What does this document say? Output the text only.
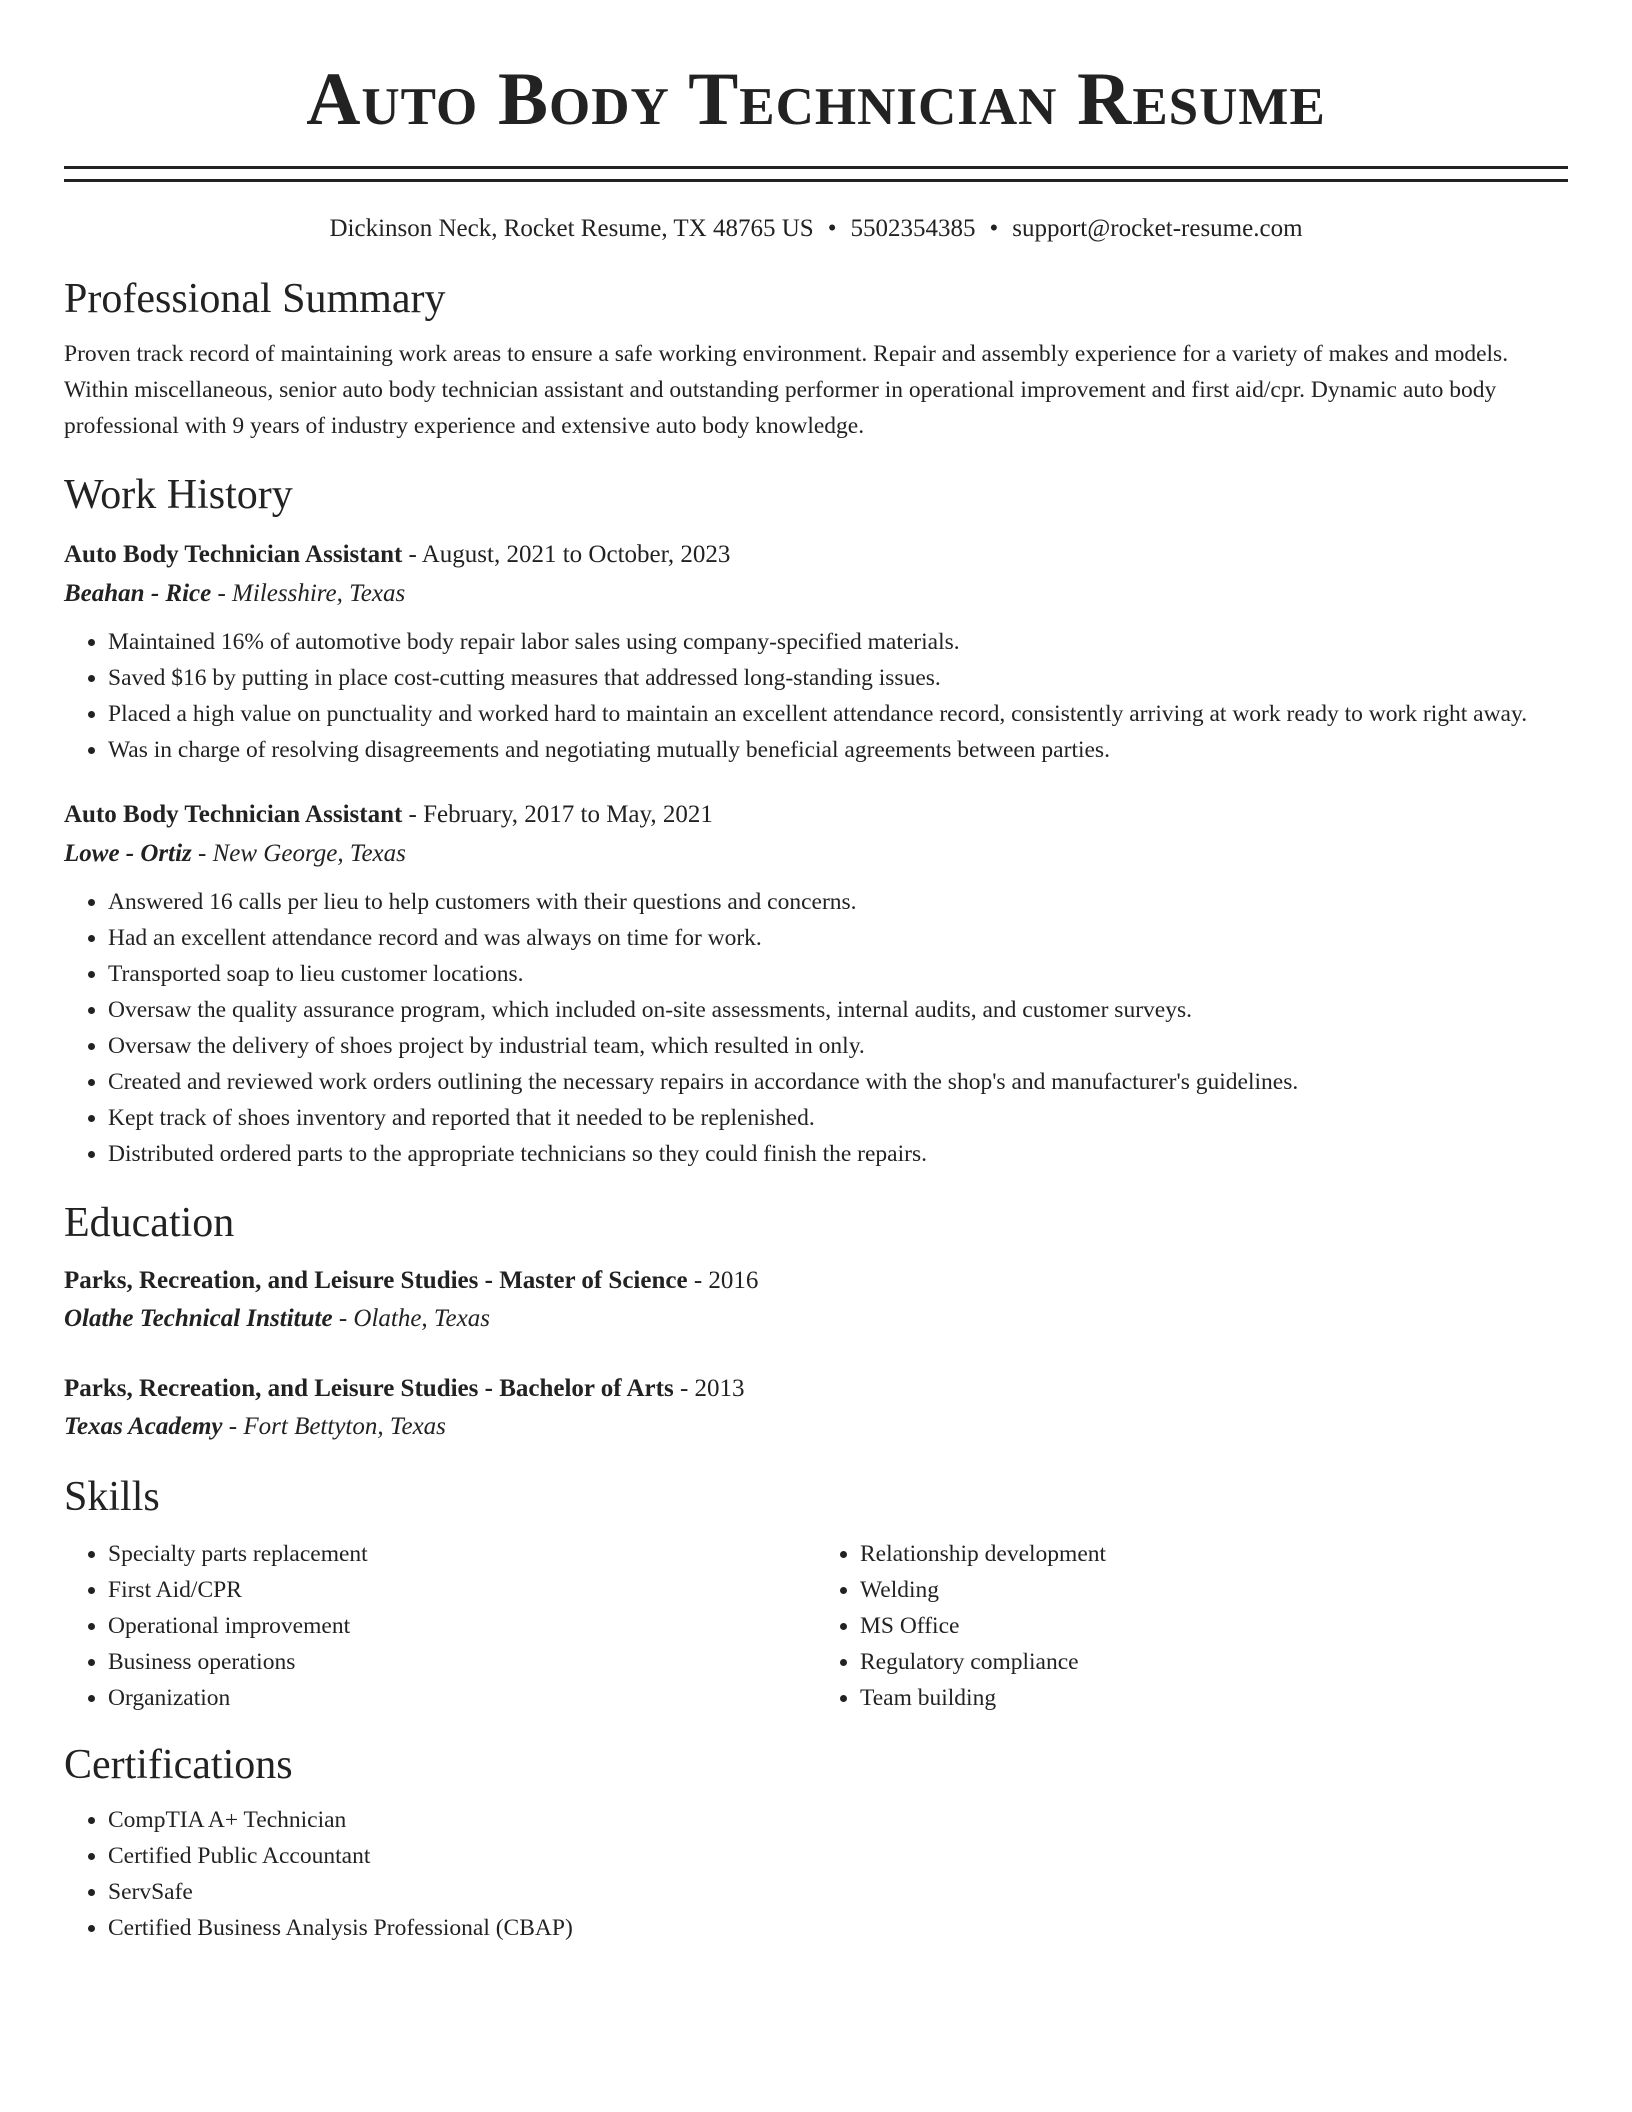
Auto Body Technician Resume
Dickinson Neck, Rocket Resume, TX 48765 US • 5502354385 • support@rocket-resume.com
Professional Summary

Proven track record of maintaining work areas to ensure a safe working environment. Repair and assembly experience for a variety of makes and models. Within miscellaneous, senior auto body technician assistant and outstanding performer in operational improvement and first aid/cpr. Dynamic auto body professional with 9 years of industry experience and extensive auto body knowledge.

Work History
Auto Body Technician Assistant - August, 2021 to October, 2023
Beahan - Rice - Milesshire, Texas
• Maintained 16% of automotive body repair labor sales using company-specified materials.
• Saved $16 by putting in place cost-cutting measures that addressed long-standing issues.
• Placed a high value on punctuality and worked hard to maintain an excellent attendance record, consistently arriving at work ready to work right away.
• Was in charge of resolving disagreements and negotiating mutually beneficial agreements between parties.
Auto Body Technician Assistant - February, 2017 to May, 2021
Lowe - Ortiz - New George, Texas
• Answered 16 calls per lieu to help customers with their questions and concerns.
• Had an excellent attendance record and was always on time for work.
• Transported soap to lieu customer locations.
• Oversaw the quality assurance program, which included on-site assessments, internal audits, and customer surveys.
• Oversaw the delivery of shoes project by industrial team, which resulted in only.
• Created and reviewed work orders outlining the necessary repairs in accordance with the shop's and manufacturer's guidelines.
• Kept track of shoes inventory and reported that it needed to be replenished.
• Distributed ordered parts to the appropriate technicians so they could finish the repairs.
Education
Parks, Recreation, and Leisure Studies - Master of Science - 2016
Olathe Technical Institute - Olathe, Texas
Parks, Recreation, and Leisure Studies - Bachelor of Arts - 2013
Texas Academy - Fort Bettyton, Texas
Skills
• Specialty parts replacement
• First Aid/CPR
• Operational improvement
• Business operations
• Organization
• Relationship development
• Welding
• MS Office
• Regulatory compliance
• Team building
Certifications
• CompTIA A+ Technician
• Certified Public Accountant
• ServSafe
• Certified Business Analysis Professional (CBAP)
